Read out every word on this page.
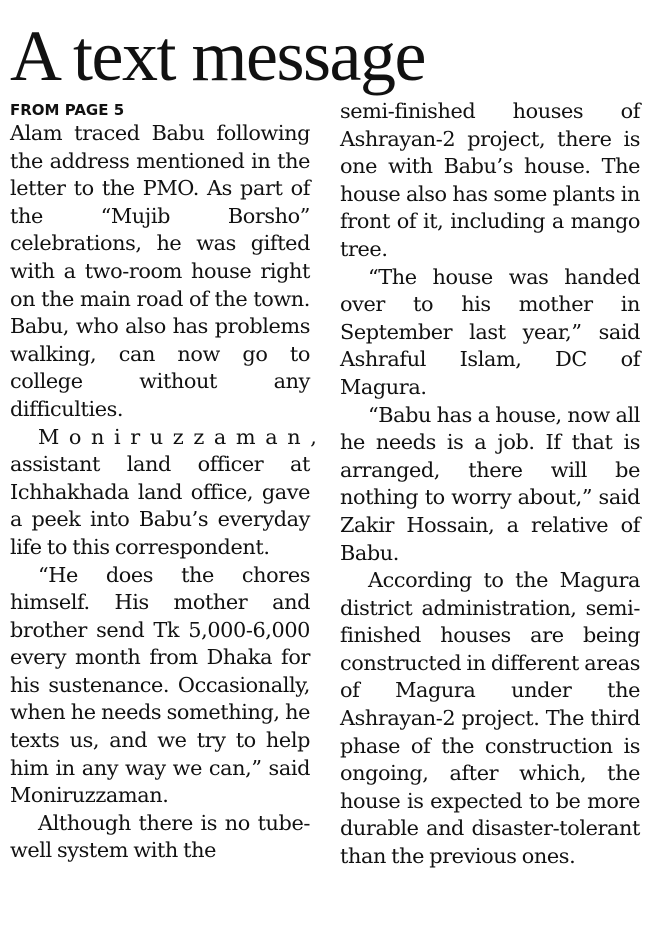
A text message
FROM PAGE 5

Alam traced Babu following the address mentioned in the letter to the PMO. As part of the “Mujib Borsho” celebrations, he was gifted with a two-room house right on the main road of the town. Babu, who also has problems walking, can now go to college without any difficulties.

Moniruzzaman, assistant land officer at Ichhakhada land office, gave a peek into Babu’s everyday life to this correspondent.

“He does the chores himself. His mother and brother send Tk 5,000-6,000 every month from Dhaka for his sustenance. Occasionally, when he needs something, he texts us, and we try to help him in any way we can,” said Moniruzzaman.

Although there is no tube-well system with the

semi-finished houses of Ashrayan-2 project, there is one with Babu’s house. The house also has some plants in front of it, including a mango tree.

“The house was handed over to his mother in September last year,” said Ashraful Islam, DC of Magura.

“Babu has a house, now all he needs is a job. If that is arranged, there will be nothing to worry about,” said Zakir Hossain, a relative of Babu.

According to the Magura district administration, semi-finished houses are being constructed in different areas of Magura under the Ashrayan-2 project. The third phase of the construction is ongoing, after which, the house is expected to be more durable and disaster-tolerant than the previous ones.
